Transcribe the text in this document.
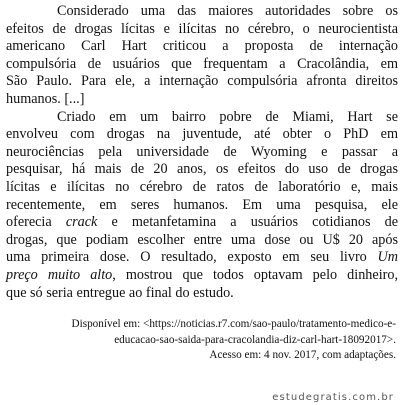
Considerado uma das maiores autoridades sobre os
efeitos de drogas lícitas e ilícitas no cérebro, o neurocientista
americano Carl Hart criticou a proposta de internação
compulsória de usuários que frequentam a Cracolândia, em
São Paulo. Para ele, a internação compulsória afronta direitos
humanos. [...]
Criado em um bairro pobre de Miami, Hart se
envolveu com drogas na juventude, até obter o PhD em
neurociências pela universidade de Wyoming e passar a
pesquisar, há mais de 20 anos, os efeitos do uso de drogas
lícitas e ilícitas no cérebro de ratos de laboratório e, mais
recentemente, em seres humanos. Em uma pesquisa, ele
oferecia crack e metanfetamina a usuários cotidianos de
drogas, que podiam escolher entre uma dose ou U$ 20 após
uma primeira dose. O resultado, exposto em seu livro Um
preço muito alto, mostrou que todos optavam pelo dinheiro,
que só seria entregue ao final do estudo.
Disponível em: <https://noticias.r7.com/sao-paulo/tratamento-medico-e-
educacao-sao-saida-para-cracolandia-diz-carl-hart-18092017>.
Acesso em: 4 nov. 2017, com adaptações.
estudegratis.com.br
